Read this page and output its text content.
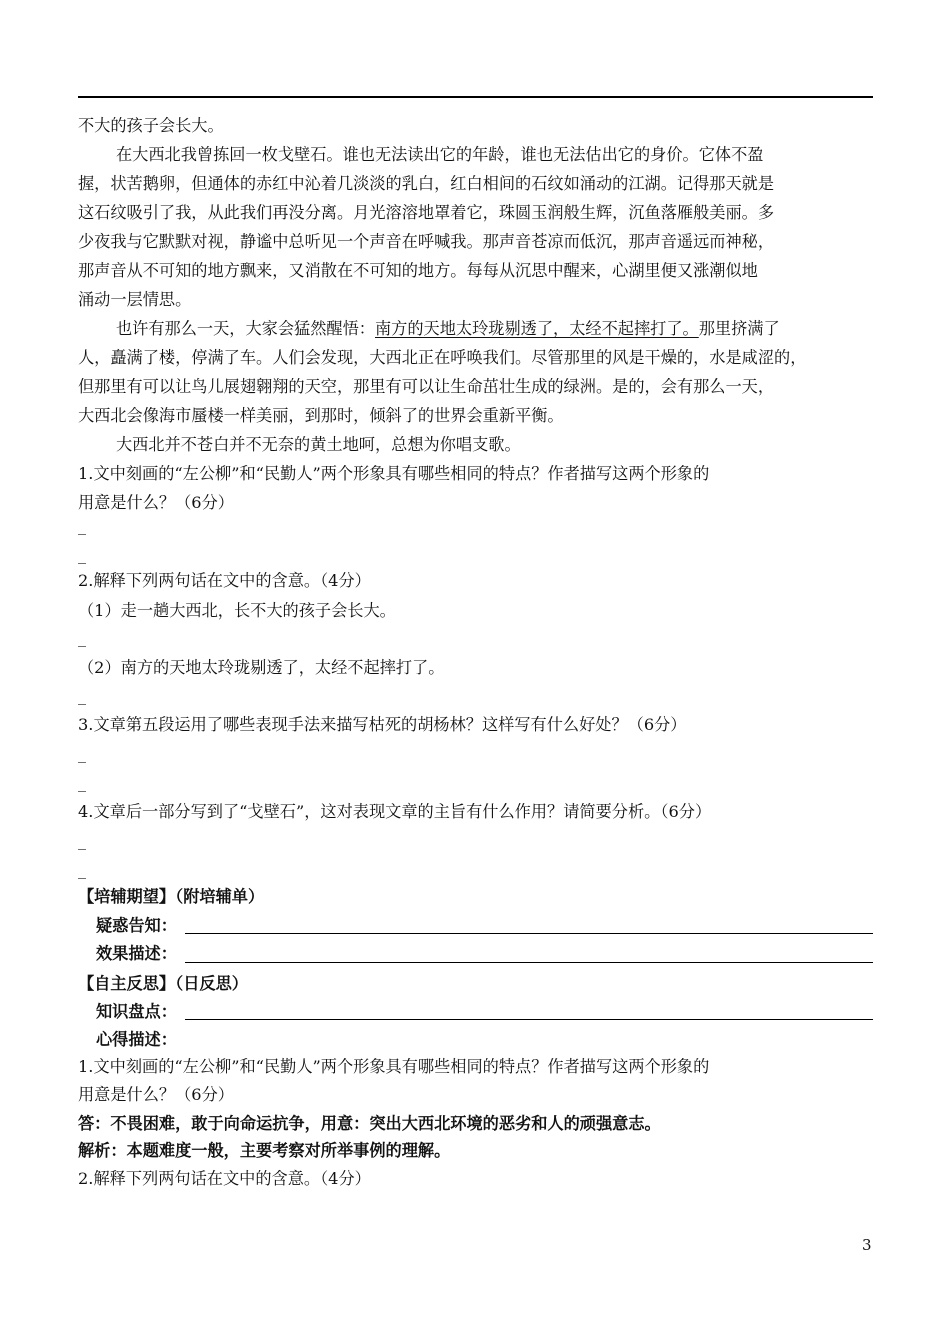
不大的孩子会长大。
在大西北我曾拣回一枚戈壁石。谁也无法读出它的年龄，谁也无法估出它的身价。它体不盈
握，状苦鹅卵，但通体的赤红中沁着几淡淡的乳白，红白相间的石纹如涌动的江湖。记得那天就是
这石纹吸引了我，从此我们再没分离。月光溶溶地罩着它，珠圆玉润般生辉，沉鱼落雁般美丽。多
少夜我与它默默对视，静谧中总听见一个声音在呼喊我。那声音苍凉而低沉，那声音遥远而神秘，
那声音从不可知的地方飘来，又消散在不可知的地方。每每从沉思中醒来，心湖里便又涨潮似地
涌动一层情思。
也许有那么一天，大家会猛然醒悟：南方的天地太玲珑剔透了，太经不起摔打了。那里挤满了
人，矗满了楼，停满了车。人们会发现，大西北正在呼唤我们。尽管那里的风是干燥的，水是咸涩的，
但那里有可以让鸟儿展翅翱翔的天空，那里有可以让生命茁壮生成的绿洲。是的，会有那么一天，
大西北会像海市蜃楼一样美丽，到那时，倾斜了的世界会重新平衡。
大西北并不苍白并不无奈的黄土地呵，总想为你唱支歌。
1.文中刻画的“左公柳”和“民勤人”两个形象具有哪些相同的特点？作者描写这两个形象的
用意是什么？（6分）
_
_
2.解释下列两句话在文中的含意。（4分）
（1）走一趟大西北，长不大的孩子会长大。
_
（2）南方的天地太玲珑剔透了，太经不起摔打了。
_
3.文章第五段运用了哪些表现手法来描写枯死的胡杨林？这样写有什么好处？（6分）
_
_
4.文章后一部分写到了“戈壁石”，这对表现文章的主旨有什么作用？请简要分析。（6分）
_
_
【培辅期望】（附培辅单）
疑惑告知：
效果描述：
【自主反思】（日反思）
知识盘点：
心得描述：
1.文中刻画的“左公柳”和“民勤人”两个形象具有哪些相同的特点？作者描写这两个形象的
用意是什么？（6分）
答：不畏困难，敢于向命运抗争，用意：突出大西北环境的恶劣和人的顽强意志。
解析：本题难度一般，主要考察对所举事例的理解。
2.解释下列两句话在文中的含意。（4分）
3
